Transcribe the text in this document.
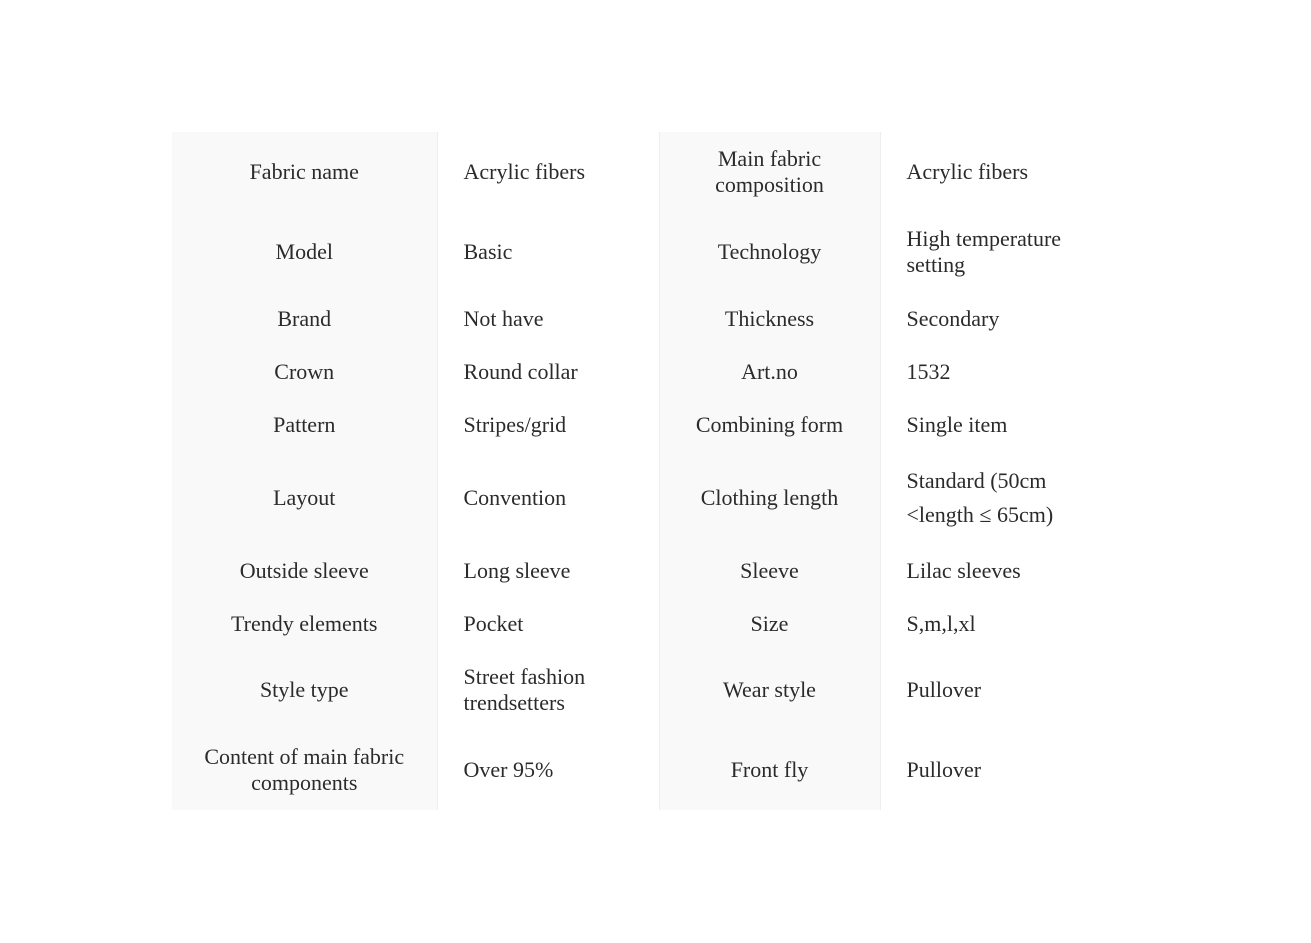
Fabric name	Acrylic fibers	Main fabric composition	Acrylic fibers
Model	Basic	Technology	High temperature setting
Brand	Not have	Thickness	Secondary
Crown	Round collar	Art.no	1532
Pattern	Stripes/grid	Combining form	Single item
Layout	Convention	Clothing length	Standard (50cm <length ≤ 65cm)

Outside sleeve	Long sleeve	Sleeve	Lilac sleeves
Trendy elements	Pocket	Size	S,m,l,xl
Style type	Street fashion trendsetters	Wear style	Pullover
Content of main fabric components	Over 95%	Front fly	Pullover
